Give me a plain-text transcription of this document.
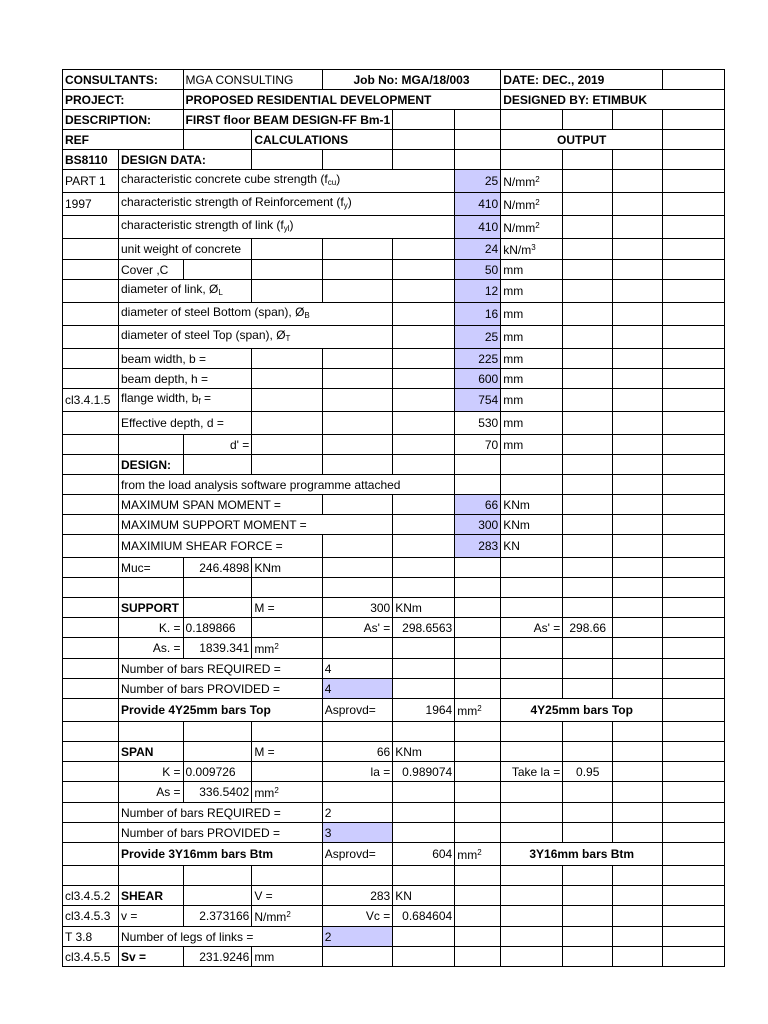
CONSULTANTS:		MGA CONSULTING		Job No: MGA/18/003			DATE: DEC., 2019			
PROJECT:		PROPOSED RESIDENTIAL DEVELOPMENT					DESIGNED BY: ETIMBUK			
DESCRIPTION:		FIRST floor BEAM DESIGN-FF Bm-1								
REF			CALCULATIONS				OUTPUT			
BS8110	DESIGN DATA:									
PART 1	characteristic concrete cube strength $(f_{cu})$					25	$N/mm^2$			
1997	characteristic strength of Reinforcement $(f_y)$					410	$N/mm^2$			
	characteristic strength of link $(f_{yl})$					410	$N/mm^2$			
	unit weight of concrete					24	$kN/m^3$			
	Cover ,C					50	mm			
	diameter of link, $Ø_L$					12	mm			
	diameter of steel Bottom (span), $Ø_B$					16	mm			
	diameter of steel Top (span), $Ø_T$					25	mm			
	beam width, b =					225	mm			
	beam depth, h =					600	mm			
cl3.4.1.5	flange width, $b_f$ =					754	mm			
	Effective depth, d =					530	mm			
		d' =				70	mm			
	DESIGN:									
	from the load analysis software programme attached									
	MAXIMUM SPAN MOMENT =					66	KNm			
	MAXIMUM SUPPORT MOMENT =					300	KNm			
	MAXIMIUM SHEAR FORCE =					283	KN			
	Muc=	246.4898	KNm							

	SUPPORT		M =	300	KNm					
	K. =	0.189866		As' =	298.6563		As' =	298.66		
	As. =	1839.341	$mm^2$							
	Number of bars REQUIRED =			4						
	Number of bars PROVIDED =			4						
	Provide 4Y25mm bars Top			Asprovd=	1964	$mm^2$	4Y25mm bars Top			

	SPAN		M =	66	KNm					
	K =	0.009726		la =	0.989074		Take la =	0.95		
	As =	336.5402	$mm^2$							
	Number of bars REQUIRED =			2						
	Number of bars PROVIDED =			3						
	Provide 3Y16mm bars Btm			Asprovd=	604	$mm^2$	3Y16mm bars Btm			

cl3.4.5.2	SHEAR		V =	283	KN					
cl3.4.5.3	v =	2.373166	$N/mm^2$	Vc =	0.684604					
T 3.8	Number of legs of links =			2						
cl3.4.5.5	Sv =	231.9246	mm							
